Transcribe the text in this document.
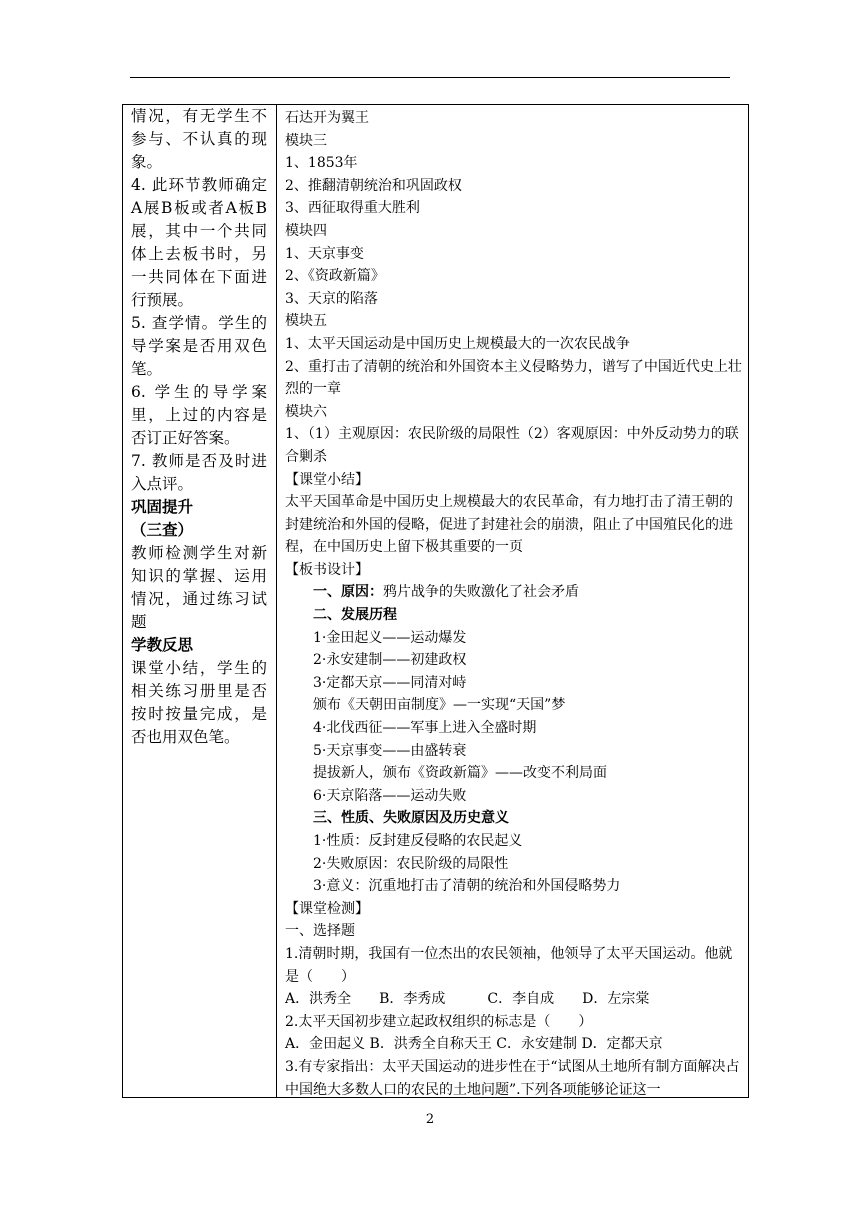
情况，有无学生不参与、不认真的现象。

4. 此环节教师确定A展B板或者A板B展，其中一个共同体上去板书时，另一共同体在下面进行预展。

5. 查学情。学生的导学案是否用双色笔。

6. 学生的导学案里，上过的内容是否订正好答案。

7. 教师是否及时进入点评。

巩固提升

（三查）

教师检测学生对新知识的掌握、运用情况，通过练习试题

学教反思

课堂小结，学生的相关练习册里是否按时按量完成，是否也用双色笔。

石达开为翼王

模块三

1、1853年

2、推翻清朝统治和巩固政权

3、西征取得重大胜利

模块四

1、天京事变

2、《资政新篇》

3、天京的陷落

模块五

1、太平天国运动是中国历史上规模最大的一次农民战争

2、重打击了清朝的统治和外国资本主义侵略势力，谱写了中国近代史上壮烈的一章

模块六

1、（1）主观原因：农民阶级的局限性（2）客观原因：中外反动势力的联合剿杀

【课堂小结】

太平天国革命是中国历史上规模最大的农民革命，有力地打击了清王朝的封建统治和外国的侵略，促进了封建社会的崩溃，阻止了中国殖民化的进程，在中国历史上留下极其重要的一页

【板书设计】

一、原因：鸦片战争的失败激化了社会矛盾

二、发展历程

1·金田起义——运动爆发

2·永安建制——初建政权

3·定都天京——同清对峙

颁布《天朝田亩制度》—一实现“天国”梦

4·北伐西征——军事上进入全盛时期

5·天京事变——由盛转衰

提拔新人，颁布《资政新篇》——改变不利局面

6·天京陷落——运动失败

三、性质、失败原因及历史意义

1·性质：反封建反侵略的农民起义

2·失败原因：农民阶级的局限性

3·意义：沉重地打击了清朝的统治和外国侵略势力

【课堂检测】

一、选择题

1.清朝时期，我国有一位杰出的农民领袖，他领导了太平天国运动。他就是（　　）

A．洪秀全　　B．李秀成　　　C．李自成　　D．左宗棠

2.太平天国初步建立起政权组织的标志是（　　）

A．金田起义 B．洪秀全自称天王 C．永安建制 D．定都天京

3.有专家指出：太平天国运动的进步性在于“试图从土地所有制方面解决占中国绝大多数人口的农民的土地问题”.下列各项能够论证这一

2
